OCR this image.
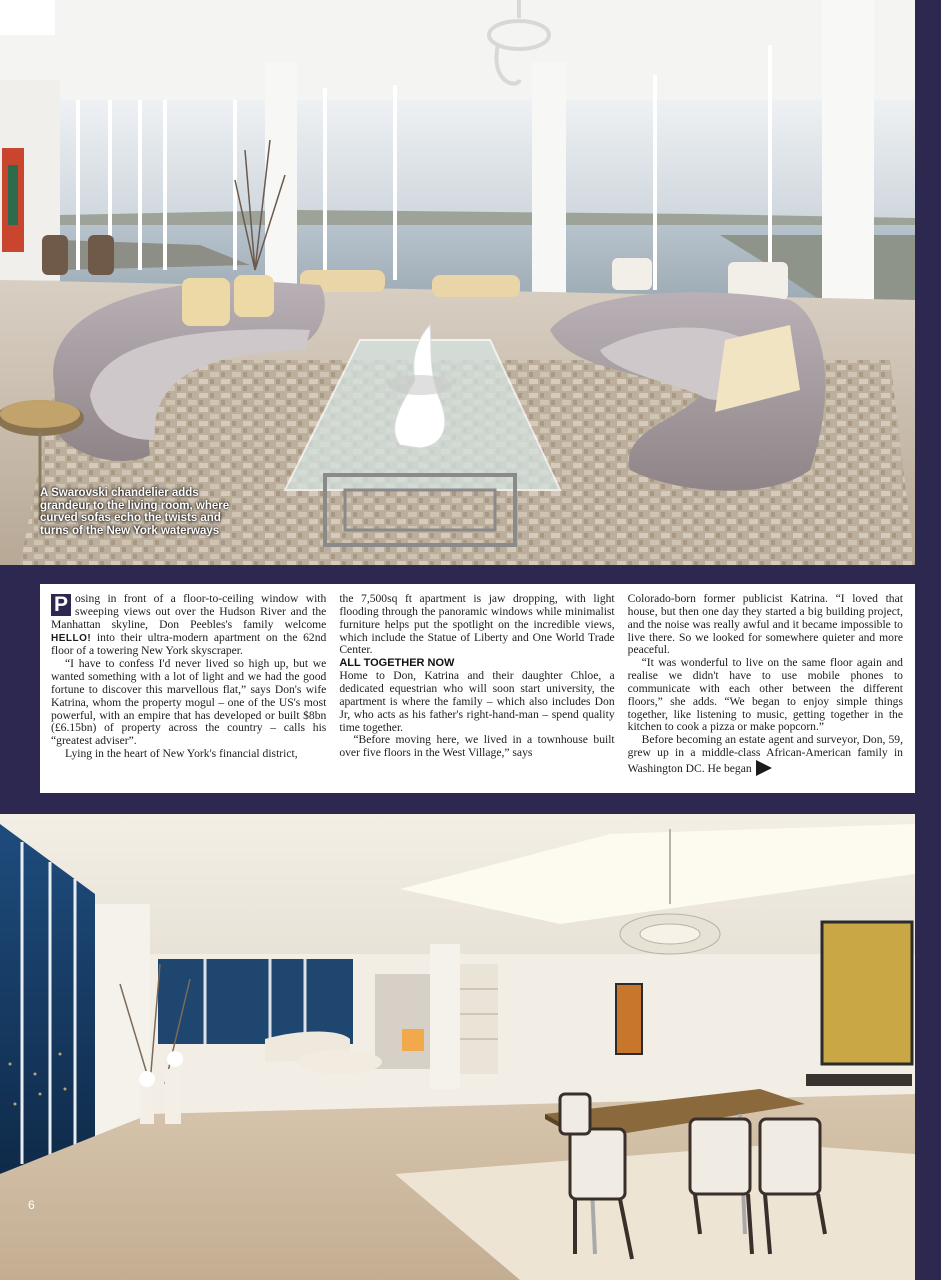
A Swarovski chandelier adds grandeur to the living room, where curved sofas echo the twists and turns of the New York waterways

P osing in front of a floor-to-ceiling window with sweeping views out over the Hudson River and the Manhattan skyline, Don Peebles's family welcome HELLO! into their ultra-modern apartment on the 62nd floor of a towering New York skyscraper.

“I have to confess I'd never lived so high up, but we wanted something with a lot of light and we had the good fortune to discover this marvellous flat,” says Don's wife Katrina, whom the property mogul – one of the US's most powerful, with an empire that has developed or built $8bn (£6.15bn) of property across the country – calls his “greatest adviser”.

Lying in the heart of New York's financial district,

the 7,500sq ft apartment is jaw dropping, with light flooding through the panoramic windows while minimalist furniture helps put the spotlight on the incredible views, which include the Statue of Liberty and One World Trade Center.

ALL TOGETHER NOW

Home to Don, Katrina and their daughter Chloe, a dedicated equestrian who will soon start university, the apartment is where the family – which also includes Don Jr, who acts as his father's right-hand-man – spend quality time together.

“Before moving here, we lived in a townhouse built over five floors in the West Village,” says

Colorado-born former publicist Katrina. “I loved that house, but then one day they started a big building project, and the noise was really awful and it became impossible to live there. So we looked for somewhere quieter and more peaceful.

“It was wonderful to live on the same floor again and realise we didn't have to use mobile phones to communicate with each other between the different floors,” she adds. “We began to enjoy simple things together, like listening to music, getting together in the kitchen to cook a pizza or make popcorn.”

Before becoming an estate agent and surveyor, Don, 59, grew up in a middle-class African-American family in Washington DC. He began

6
